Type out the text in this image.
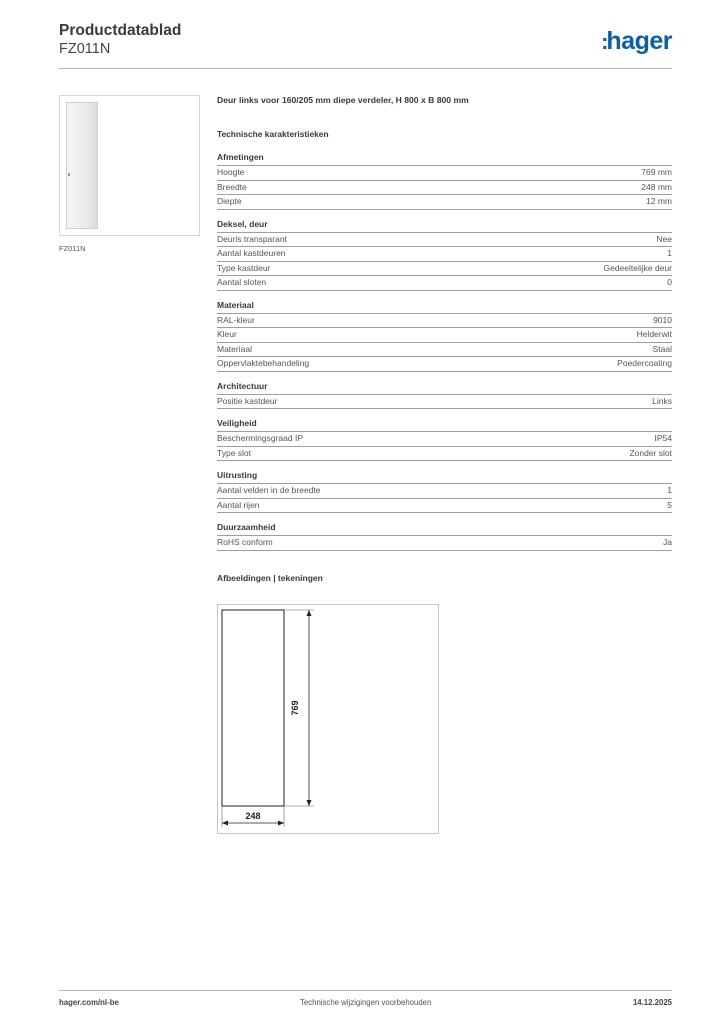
Productdatablad
FZ011N	:hager
FZ011N
Deur links voor 160/205 mm diepe verdeler, H 800 x B 800 mm
Technische karakteristieken
Afmetingen
Hoogte	769 mm
Breedte	248 mm
Diepte	12 mm
Deksel, deur
Deuris transparant	Nee
Aantal kastdeuren	1
Type kastdeur	Gedeeltelijke deur
Aantal sloten	0
Materiaal
RAL-kleur	9010
Kleur	Helderwit
Materiaal	Staal
Oppervlaktebehandeling	Poedercoating
Architectuur
Positie kastdeur	Links
Veiligheid
Beschermingsgraad IP	IP54
Type slot	Zonder slot
Uitrusting
Aantal velden in de breedte	1
Aantal rijen	5
Duurzaamheid
RoHS conform	Ja
Afbeeldingen | tekeningen
769
248
hager.com/nl-be	Technische wijzigingen voorbehouden	14.12.2025
